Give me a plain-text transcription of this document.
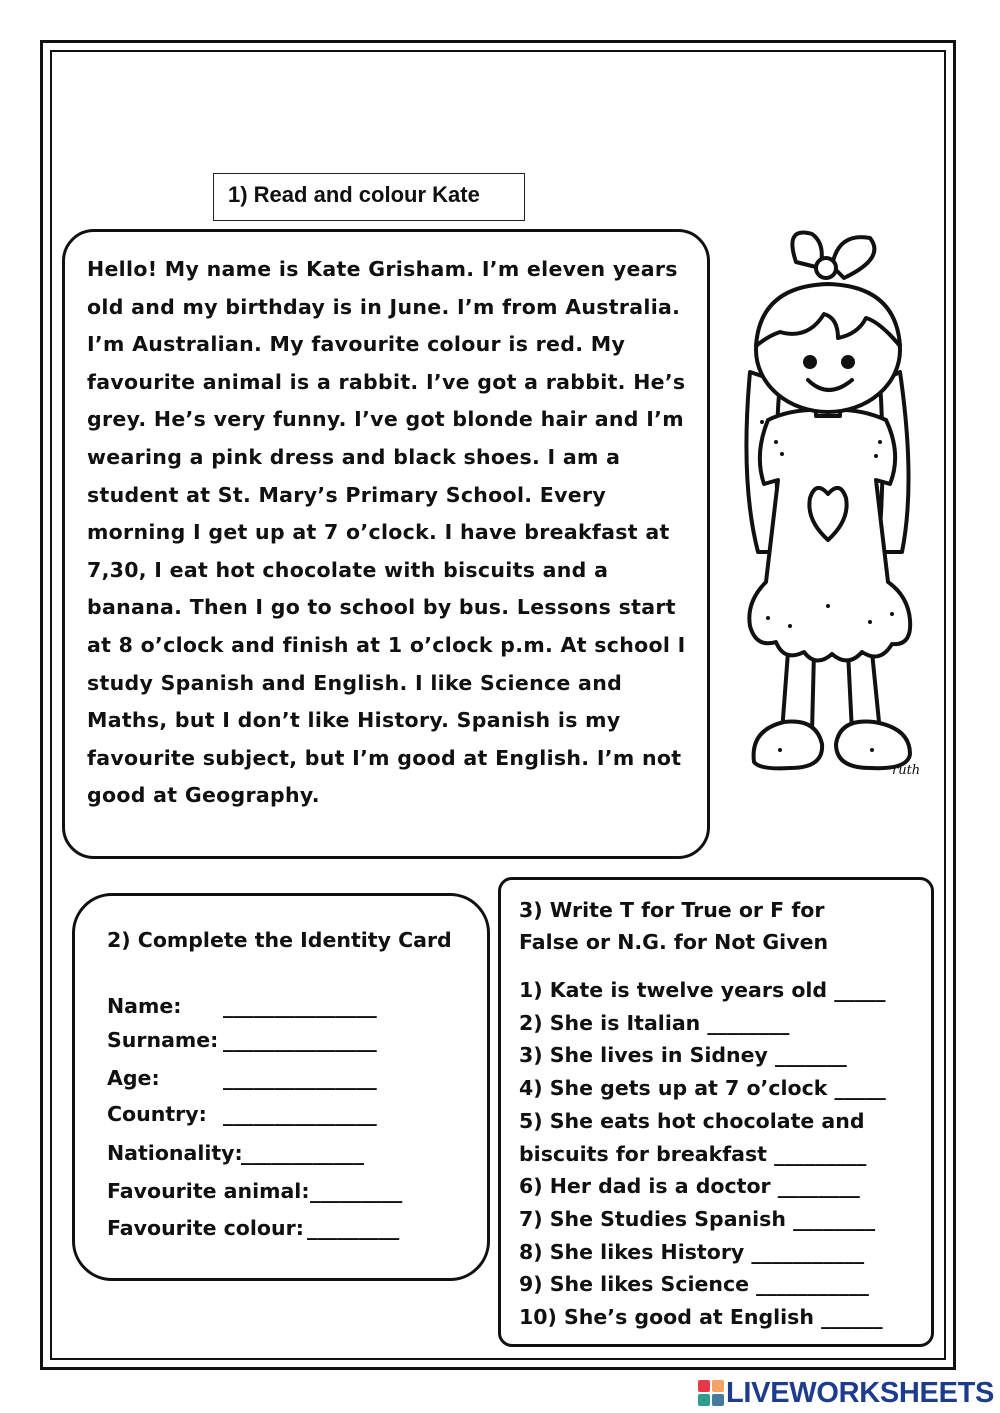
1) Read and colour Kate

Hello! My name is Kate Grisham. I’m eleven years
old and my birthday is in June. I’m from Australia.
I’m Australian. My favourite colour is red. My
favourite animal is a rabbit. I’ve got a rabbit. He’s
grey. He’s very funny. I’ve got blonde hair and I’m
wearing a pink dress and black shoes. I am a
student at St. Mary’s Primary School. Every
morning I get up at 7 o’clock. I have breakfast at
7,30, I eat hot chocolate with biscuits and a
banana. Then I go to school by bus. Lessons start
at 8 o’clock and finish at 1 o’clock p.m. At school I
study Spanish and English. I like Science and
Maths, but I don’t like History. Spanish is my
favourite subject, but I’m good at English. I’m not
good at Geography.

ruth
2) Complete the Identity Card
Name: _______________
Surname: _______________
Age:	_______________
Country: _______________
Nationality:
____________
Favourite animal: _________
Favourite colour: _________
3) Write T for True or F for
False or N.G. for Not Given
1) Kate is twelve years old _____
2) She is Italian ________
3) She lives in Sidney _______
4) She gets up at 7 o’clock _____
5) She eats hot chocolate and
biscuits for breakfast _________
6) Her dad is a doctor ________
7) She Studies Spanish ________
8) She likes History ___________
9) She likes Science ___________
10) She’s good at English ______
LIVEWORKSHEETS
